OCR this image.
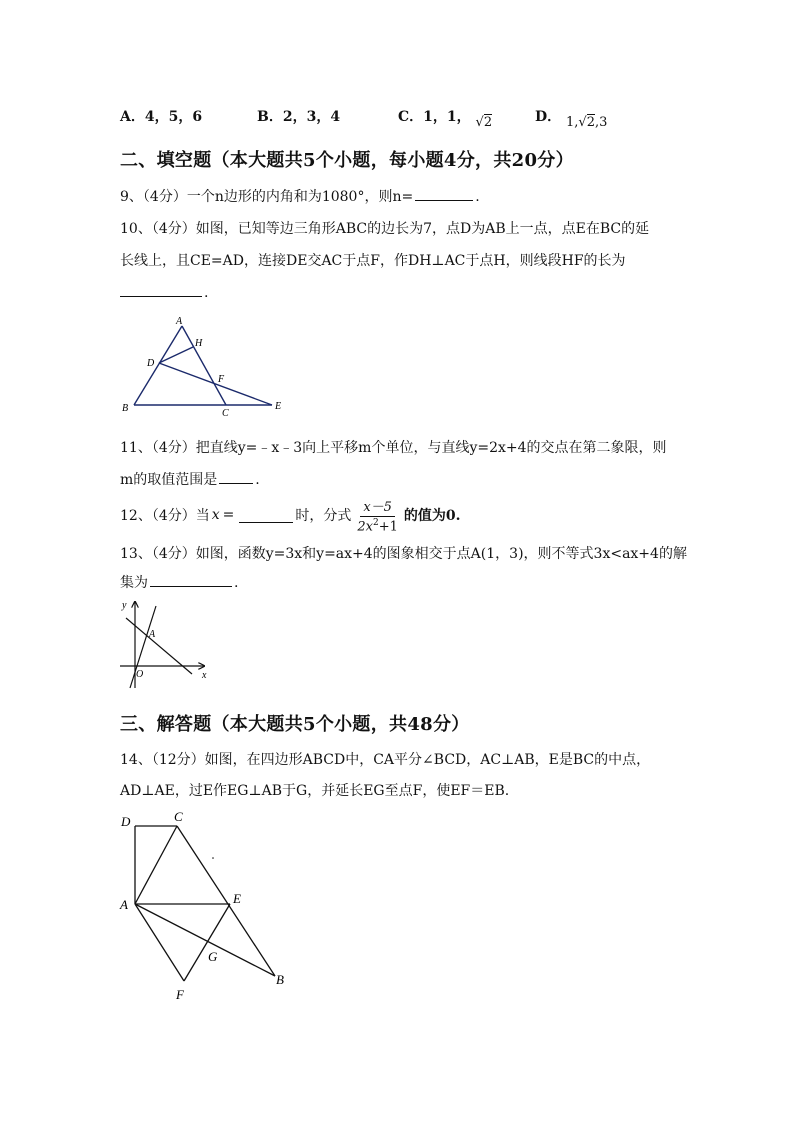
A．4，5，6	B．2，3，4	C．1，1， √2	D． 1,√2,3
二、填空题（本大题共5个小题，每小题4分，共20分）
9、（4分）一个n边形的内角和为1080°，则n=	.
10、（4分）如图，已知等边三角形ABC的边长为7，点D为AB上一点，点E在BC的延
长线上，且CE=AD，连接DE交AC于点F，作DH⊥AC于点H，则线段HF的长为
.
A
H
D
F
B	C
E
11、（4分）把直线y=﹣x﹣3向上平移m个单位，与直线y=2x+4的交点在第二象限，则
m的取值范围是	.
12、（4分）当 x =	时，分式 $\frac{x-5}{2x^2+1}$ 的值为0.
13、（4分）如图，函数y=3x和y=ax+4的图象相交于点A(1，3)，则不等式3x<ax+4的解
集为	.
y
x
A
O
三、解答题（本大题共5个小题，共48分）
14、（12分）如图，在四边形ABCD中，CA平分∠BCD，AC⊥AB，E是BC的中点，
AD⊥AE，过E作EG⊥AB于G，并延长EG至点F，使EF＝EB.
D	C
A	E
G
B
F
